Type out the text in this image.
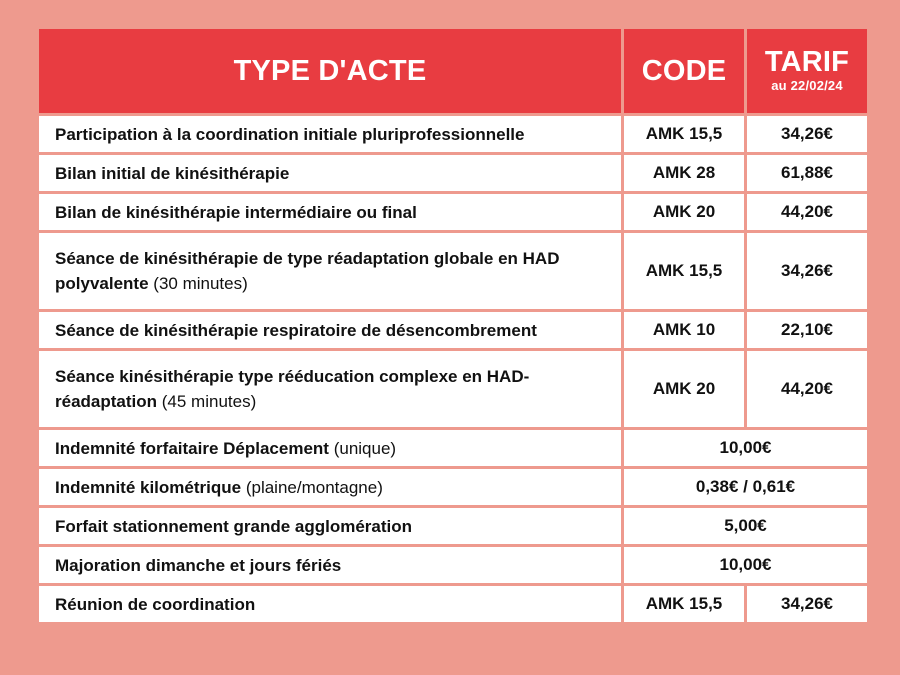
TYPE D'ACTE	CODE	TARIF
au 22/02/24

Participation à la coordination initiale pluriprofessionnelle	AMK 15,5	34,26€
Bilan initial de kinésithérapie	AMK 28	61,88€
Bilan de kinésithérapie intermédiaire ou final	AMK 20	44,20€
Séance de kinésithérapie de type réadaptation globale en HAD polyvalente (30 minutes)	AMK 15,5	34,26€
Séance de kinésithérapie respiratoire de désencombrement	AMK 10	22,10€
Séance kinésithérapie type rééducation complexe en HAD-réadaptation (45 minutes)	AMK 20	44,20€
Indemnité forfaitaire Déplacement (unique)	10,00€	
Indemnité kilométrique (plaine/montagne)	0,38€ / 0,61€	
Forfait stationnement grande agglomération	5,00€	
Majoration dimanche et jours fériés	10,00€	
Réunion de coordination	AMK 15,5	34,26€
